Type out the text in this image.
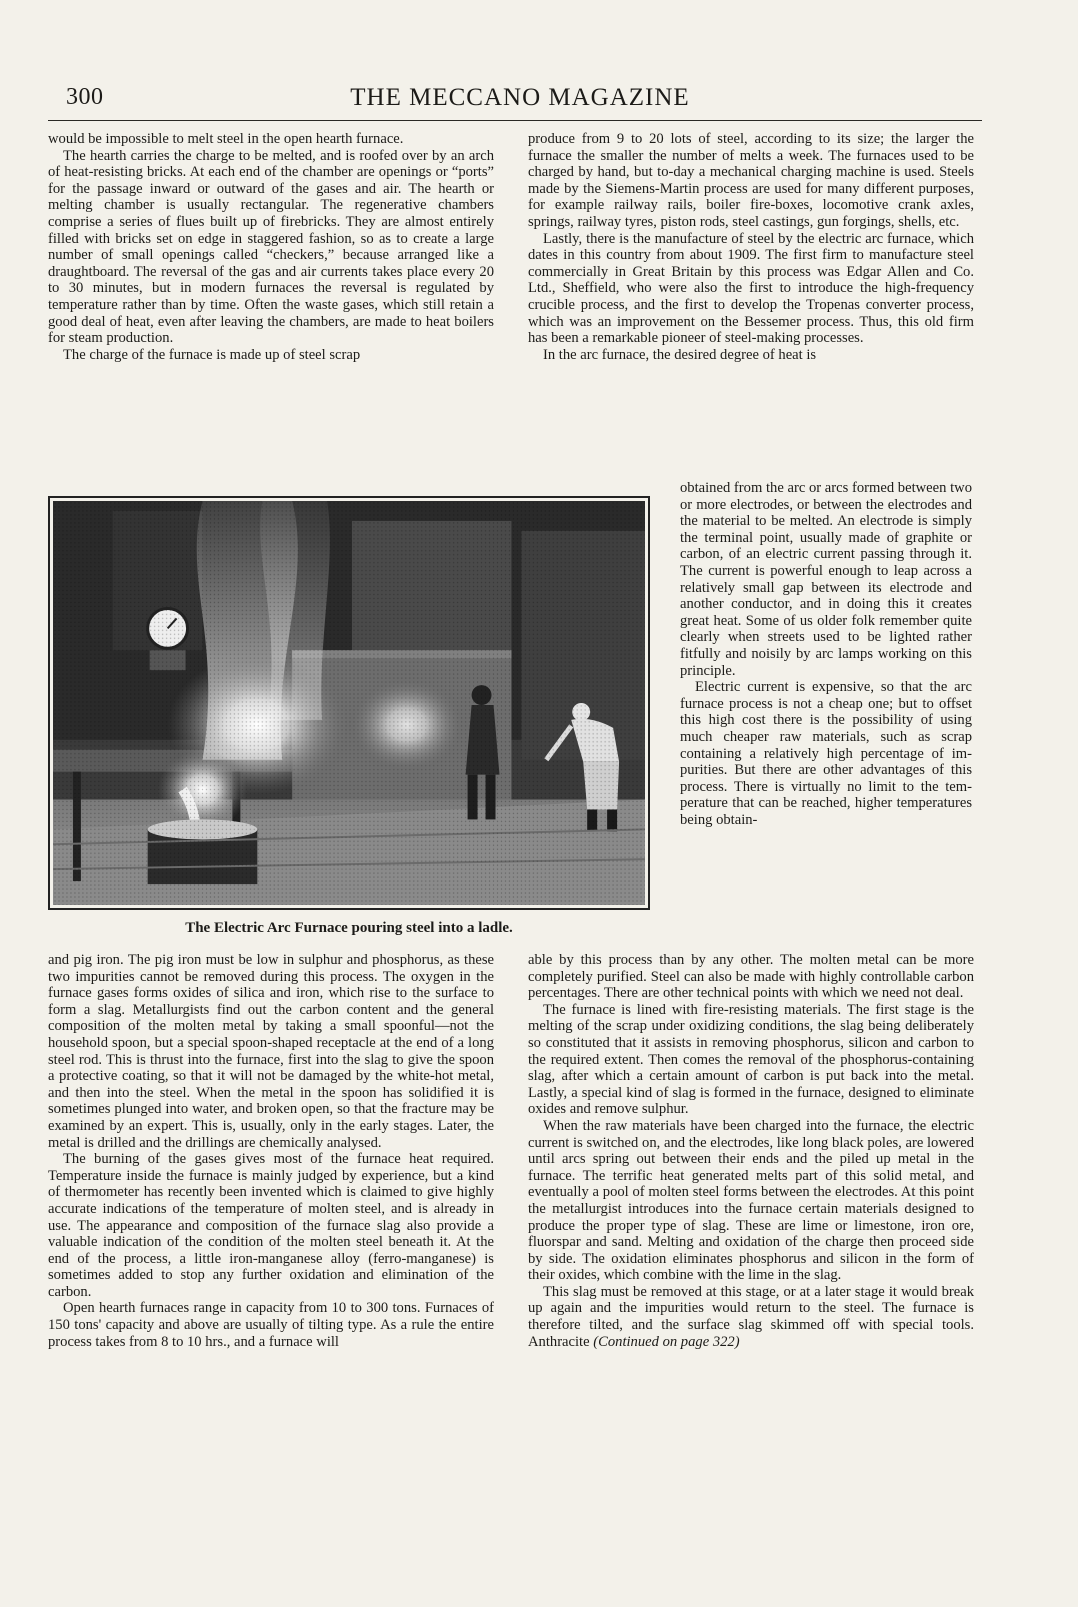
300	THE MECCANO MAGAZINE

would be impossible to melt steel in the open hearth furnace.

The hearth carries the charge to be melted, and is roofed over by an arch of heat-resisting bricks. At each end of the chamber are openings or “ports” for the passage inward or outward of the gases and air. The hearth or melting chamber is usually rectangular. The regenerative chambers comprise a series of flues built up of firebricks. They are almost entirely filled with bricks set on edge in staggered fashion, so as to create a large number of small openings called “checkers,” because arranged like a draughtboard. The reversal of the gas and air currents takes place every 20 to 30 minutes, but in modern furnaces the reversal is regulated by temperature rather than by time. Often the waste gases, which still retain a good deal of heat, even after leaving the chambers, are made to heat boilers for steam production.

The charge of the furnace is made up of steel scrap

produce from 9 to 20 lots of steel, according to its size; the larger the furnace the smaller the number of melts a week. The furnaces used to be charged by hand, but to-day a mechanical charging machine is used. Steels made by the Siemens-Martin process are used for many different purposes, for example railway rails, boiler fire-boxes, locomotive crank axles, springs, railway tyres, piston rods, steel castings, gun forgings, shells, etc.

Lastly, there is the manufacture of steel by the electric arc furnace, which dates in this country from about 1909. The first firm to manufacture steel commercially in Great Britain by this process was Edgar Allen and Co. Ltd., Sheffield, who were also the first to introduce the high-frequency crucible process, and the first to develop the Tropenas converter process, which was an improvement on the Bessemer process. Thus, this old firm has been a remarkable pioneer of steel-making processes.

In the arc furnace, the desired degree of heat is

obtained from the arc or arcs formed between two or more electrodes, or between the electrodes and the material to be melted. An electrode is simply the terminal point, usually made of graphite or carbon, of an electric current passing through it. The current is powerful enough to leap across a relatively small gap between its electrode and another conductor, and in doing this it creates great heat. Some of us older folk remember quite clearly when streets used to be lighted rather fitfully and noisily by arc lamps working on this principle.

Electric current is expensive, so that the arc furnace process is not a cheap one; but to offset this high cost there is the possibility of using much cheaper raw materials, such as scrap containing a relatively high percentage of impurities. But there are other advantages of this process. There is virtually no limit to the temperature that can be reached, higher temperatures being obtain-

The Electric Arc Furnace pouring steel into a ladle.

and pig iron. The pig iron must be low in sulphur and phosphorus, as these two impurities cannot be removed during this process. The oxygen in the furnace gases forms oxides of silica and iron, which rise to the surface to form a slag. Metallurgists find out the carbon content and the general composition of the molten metal by taking a small spoonful—not the household spoon, but a special spoon-shaped receptacle at the end of a long steel rod. This is thrust into the furnace, first into the slag to give the spoon a protective coating, so that it will not be damaged by the white-hot metal, and then into the steel. When the metal in the spoon has solidified it is sometimes plunged into water, and broken open, so that the fracture may be examined by an expert. This is, usually, only in the early stages. Later, the metal is drilled and the drillings are chemically analysed.

The burning of the gases gives most of the furnace heat required. Temperature inside the furnace is mainly judged by experience, but a kind of thermometer has recently been invented which is claimed to give highly accurate indications of the temperature of molten steel, and is already in use. The appearance and composition of the furnace slag also provide a valuable indication of the condition of the molten steel beneath it. At the end of the process, a little iron-manganese alloy (ferro-manganese) is sometimes added to stop any further oxidation and elimination of the carbon.

Open hearth furnaces range in capacity from 10 to 300 tons. Furnaces of 150 tons' capacity and above are usually of tilting type. As a rule the entire process takes from 8 to 10 hrs., and a furnace will

able by this process than by any other. The molten metal can be more completely purified. Steel can also be made with highly controllable carbon percentages. There are other technical points with which we need not deal.

The furnace is lined with fire-resisting materials. The first stage is the melting of the scrap under oxidizing conditions, the slag being deliberately so constituted that it assists in removing phosphorus, silicon and carbon to the required extent. Then comes the removal of the phosphorus-containing slag, after which a certain amount of carbon is put back into the metal. Lastly, a special kind of slag is formed in the furnace, designed to eliminate oxides and remove sulphur.

When the raw materials have been charged into the furnace, the electric current is switched on, and the electrodes, like long black poles, are lowered until arcs spring out between their ends and the piled up metal in the furnace. The terrific heat generated melts part of this solid metal, and eventually a pool of molten steel forms between the electrodes. At this point the metallurgist introduces into the furnace certain materials designed to produce the proper type of slag. These are lime or limestone, iron ore, fluorspar and sand. Melting and oxidation of the charge then proceed side by side. The oxidation eliminates phosphorus and silicon in the form of their oxides, which combine with the lime in the slag.

This slag must be removed at this stage, or at a later stage it would break up again and the impurities would return to the steel. The furnace is therefore tilted, and the surface slag skimmed off with special tools. Anthracite (Continued on page 322)
